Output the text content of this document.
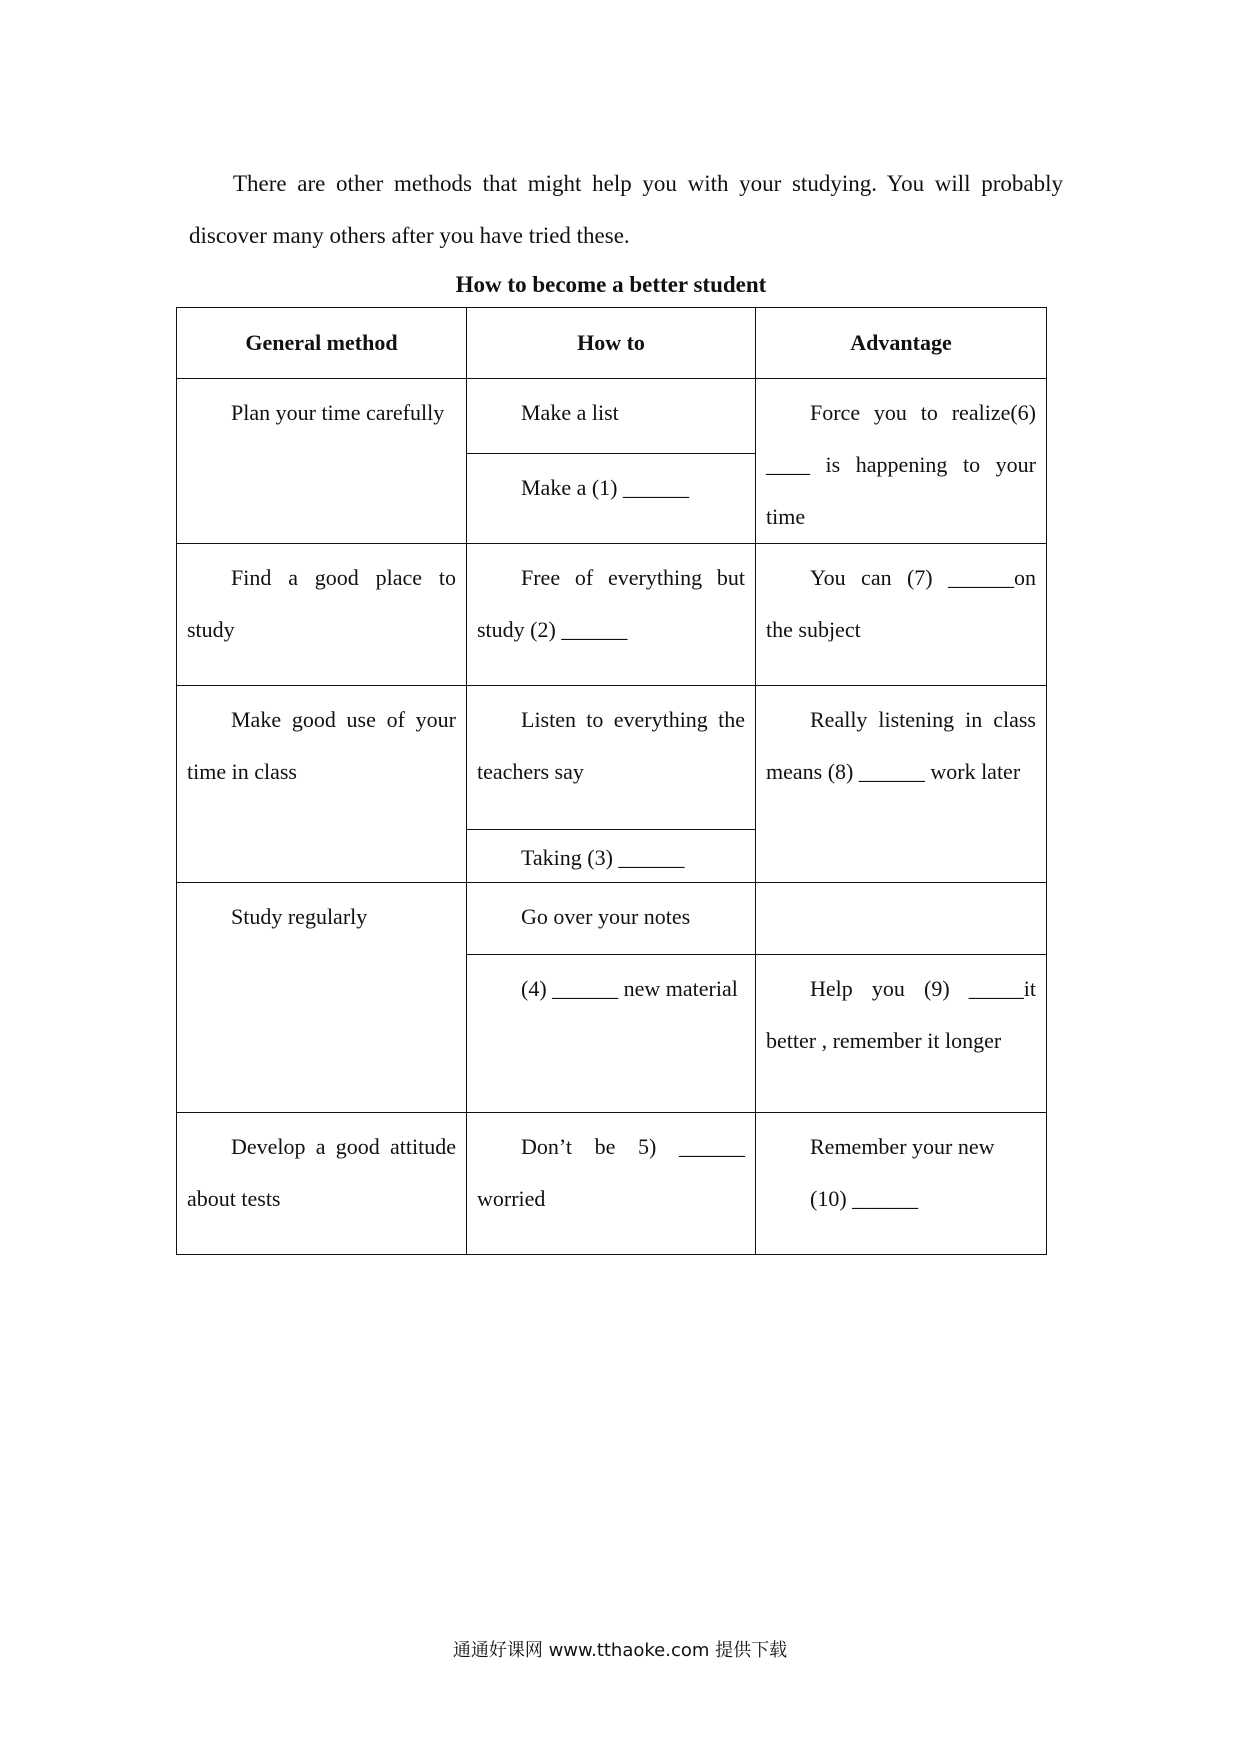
There are other methods that might help you with your studying. You will probably discover many others after you have tried these.

How to become a better student

General method	How to	Advantage

Plan your time carefully	Make a list	Force you to realize(6) ____ is happening to your time

	Make a (1) ______	

Find a good place to study	Free of everything but study (2) ______	You can (7) ______on the subject

Make good use of your time in class	Listen to everything the teachers say	Really listening in class means (8) ______ work later

	Taking (3) ______	

Study regularly	Go over your notes	

	(4) ______ new material	Help you (9) _____it better , remember it longer

Develop a good attitude about tests	Don’t be 5) ______ worried	Remember your new (10) ______
通通好课网 www.tthaoke.com 提供下载
